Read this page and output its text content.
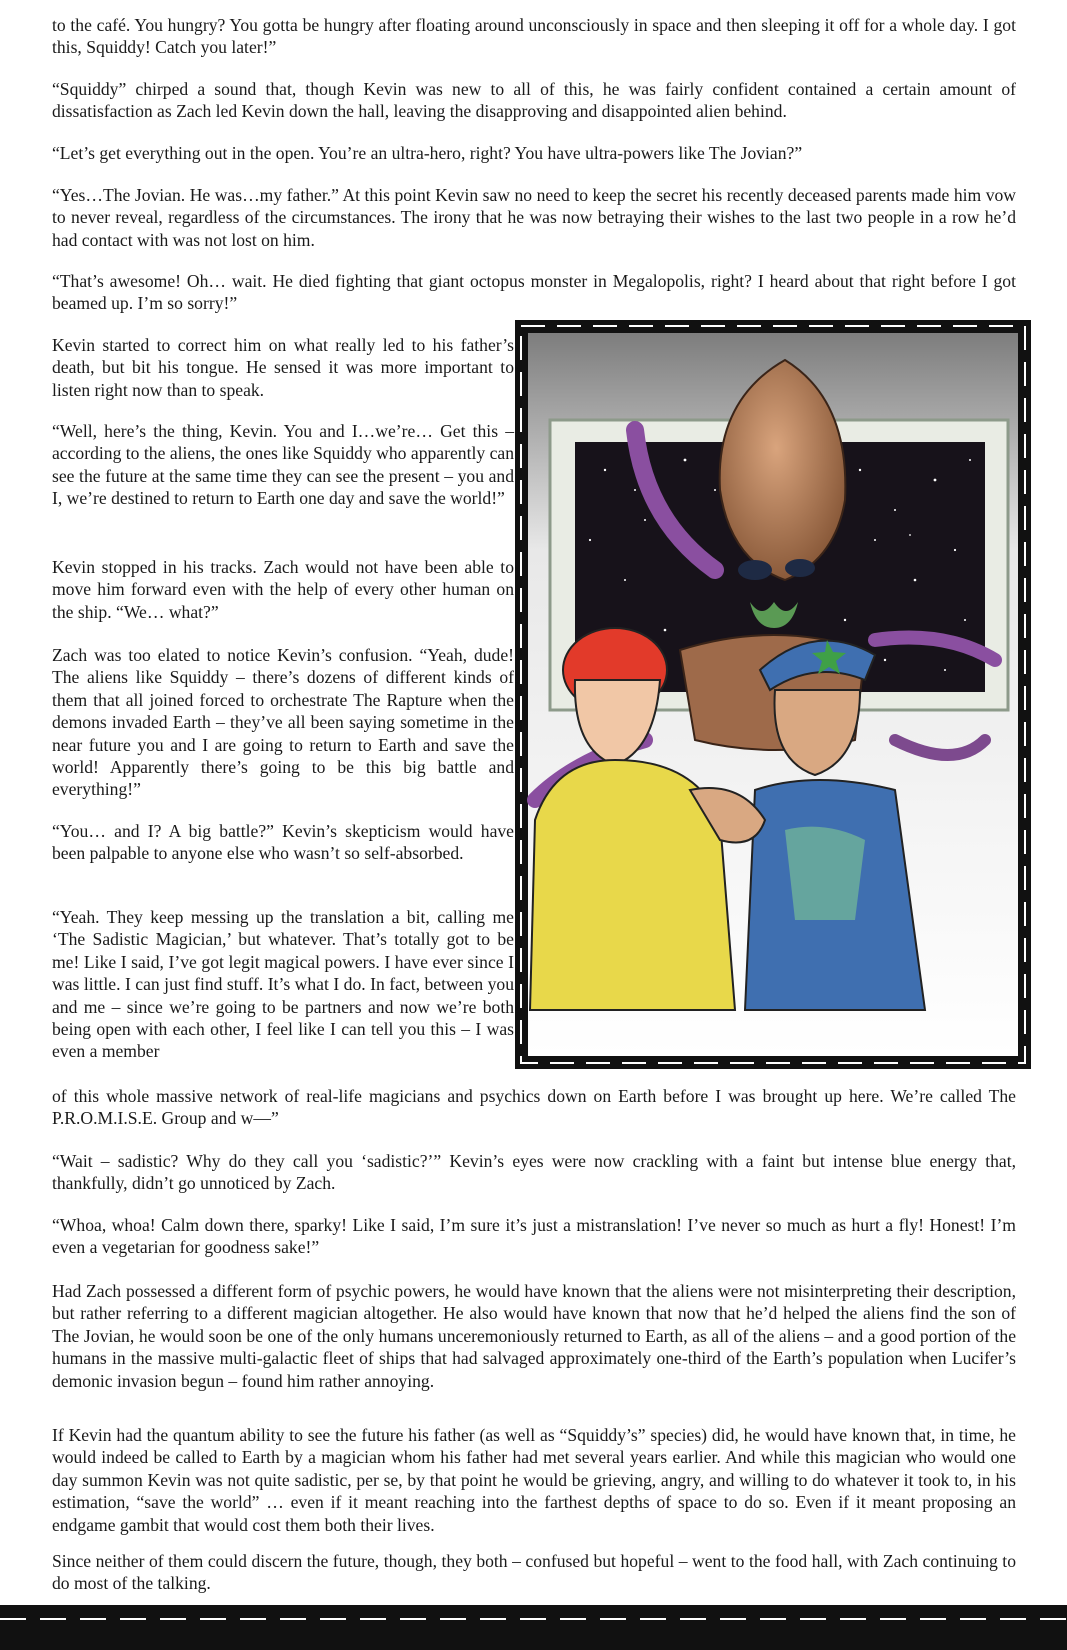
to the café. You hungry? You gotta be hungry after floating around unconsciously in space and then sleeping it off for a whole day. I got this, Squiddy! Catch you later!”

“Squiddy” chirped a sound that, though Kevin was new to all of this, he was fairly confident contained a certain amount of dissatisfaction as Zach led Kevin down the hall, leaving the disapproving and disappointed alien behind.

“Let’s get everything out in the open. You’re an ultra-hero, right? You have ultra-powers like The Jovian?”

“Yes…The Jovian. He was…my father.” At this point Kevin saw no need to keep the secret his recently deceased parents made him vow to never reveal, regardless of the circumstances. The irony that he was now betraying their wishes to the last two people in a row he’d had contact with was not lost on him.

“That’s awesome! Oh… wait. He died fighting that giant octopus monster in Megalopolis, right? I heard about that right before I got beamed up. I’m so sorry!”

Kevin started to correct him on what really led to his father’s death, but bit his tongue. He sensed it was more important to listen right now than to speak.

“Well, here’s the thing, Kevin. You and I…we’re… Get this – according to the aliens, the ones like Squiddy who apparently can see the future at the same time they can see the present – you and I, we’re destined to return to Earth one day and save the world!”

Kevin stopped in his tracks. Zach would not have been able to move him forward even with the help of every other human on the ship. “We… what?”

Zach was too elated to notice Kevin’s confusion. “Yeah, dude! The aliens like Squiddy – there’s dozens of different kinds of them that all joined forced to orchestrate The Rapture when the demons invaded Earth – they’ve all been saying sometime in the near future you and I are going to return to Earth and save the world! Apparently there’s going to be this big battle and everything!”

“You… and I? A big battle?” Kevin’s skepticism would have been palpable to anyone else who wasn’t so self-absorbed.

“Yeah. They keep messing up the translation a bit, calling me ‘The Sadistic Magician,’ but whatever. That’s totally got to be me! Like I said, I’ve got legit magical powers. I have ever since I was little. I can just find stuff. It’s what I do. In fact, between you and me – since we’re going to be partners and now we’re both being open with each other, I feel like I can tell you this – I was even a member

of this whole massive network of real-life magicians and psychics down on Earth before I was brought up here. We’re called The P.R.O.M.I.S.E. Group and w—”

“Wait – sadistic? Why do they call you ‘sadistic?’” Kevin’s eyes were now crackling with a faint but intense blue energy that, thankfully, didn’t go unnoticed by Zach.

“Whoa, whoa! Calm down there, sparky! Like I said, I’m sure it’s just a mistranslation! I’ve never so much as hurt a fly! Honest! I’m even a vegetarian for goodness sake!”

Had Zach possessed a different form of psychic powers, he would have known that the aliens were not misinterpreting their description, but rather referring to a different magician altogether. He also would have known that now that he’d helped the aliens find the son of The Jovian, he would soon be one of the only humans unceremoniously returned to Earth, as all of the aliens – and a good portion of the humans in the massive multi-galactic fleet of ships that had salvaged approximately one-third of the Earth’s population when Lucifer’s demonic invasion begun – found him rather annoying.

If Kevin had the quantum ability to see the future his father (as well as “Squiddy’s” species) did, he would have known that, in time, he would indeed be called to Earth by a magician whom his father had met several years earlier. And while this magician who would one day summon Kevin was not quite sadistic, per se, by that point he would be grieving, angry, and willing to do whatever it took to, in his estimation, “save the world” … even if it meant reaching into the farthest depths of space to do so. Even if it meant proposing an endgame gambit that would cost them both their lives.

Since neither of them could discern the future, though, they both – confused but hopeful – went to the food hall, with Zach continuing to do most of the talking.
